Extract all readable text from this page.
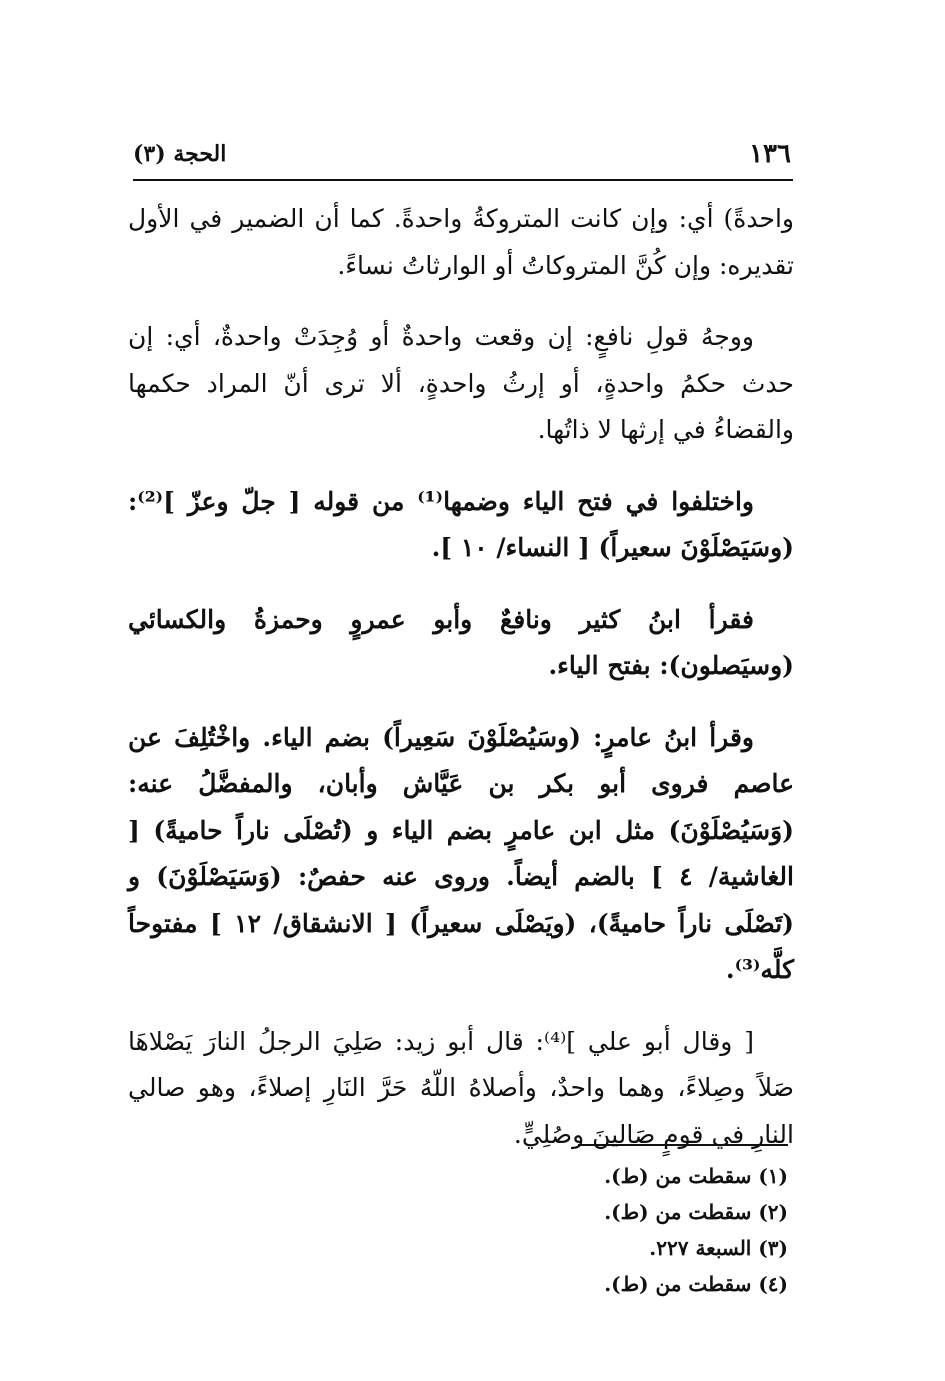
١٣٦
الحجة (٣)

واحدةً) أي: وإن كانت المتروكةُ واحدةً. كما أن الضمير في الأول تقديره: وإن كُنَّ المتروكاتُ أو الوارثاتُ نساءً.

ووجهُ قولِ نافعٍ: إن وقعت واحدةٌ أو وُجِدَتْ واحدةٌ، أي: إن حدث حكمُ واحدةٍ، أو إرثُ واحدةٍ، ألا ترى أنّ المراد حكمها والقضاءُ في إرثها لا ذاتُها.

واختلفوا في فتح الياء وضمها⁽¹⁾ من قوله [ جلّ وعزّ ]⁽²⁾: (وسَيَصْلَوْنَ سعيراً) [ النساء/ ١٠ ].

فقرأ ابنُ كثير ونافعٌ وأبو عمروٍ وحمزةُ والكسائي (وسيَصلون): بفتح الياء.

وقرأ ابنُ عامرٍ: (وسَيُصْلَوْنَ سَعِيراً) بضم الياء. واخْتُلِفَ عن عاصم فروى أبو بكر بن عَيَّاش وأبان، والمفضَّلُ عنه: (وَسَيُصْلَوْنَ) مثل ابن عامرٍ بضم الياء و (تُصْلَى ناراً حاميةً) [ الغاشية/ ٤ ] بالضم أيضاً. وروى عنه حفصٌ: (وَسَيَصْلَوْنَ) و (تَصْلَى ناراً حاميةً)، (ويَصْلَى سعيراً) [ الانشقاق/ ١٢ ] مفتوحاً كلَّه⁽³⁾.

[ وقال أبو علي ]⁽⁴⁾: قال أبو زيد: صَلِيَ الرجلُ النارَ يَصْلاهَا صَلاً وصِلاءً، وهما واحدٌ، وأصلاهُ اللّهُ حَرَّ النَارِ إصلاءً، وهو صالي النارِ في قومٍ صَالينَ وصُلِيٍّ.

(١) سقطت من (ط).

(٢) سقطت من (ط).

(٣) السبعة ٢٢٧.

(٤) سقطت من (ط).
